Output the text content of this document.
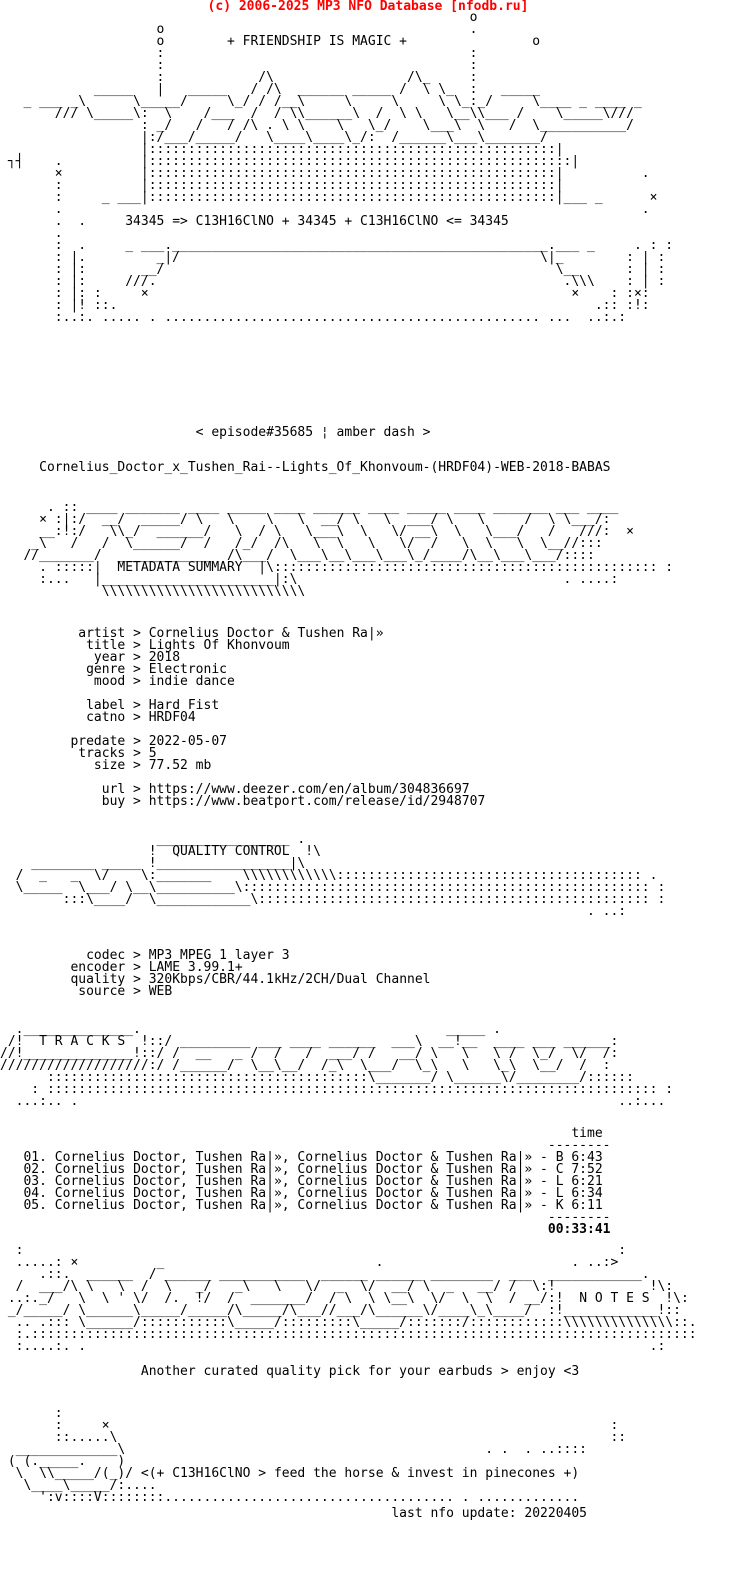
(c) 2006-2025 MP3 NFO Database [nfodb.ru]
o
o                                       .
o	+ FRIENDSHIP IS MAGIC +	o
:                                       :
:                                       :
:            /\                 /\_     :
_____   |   _____   / /\  ______ _____ /  \ \_  :   _____
_ ___ _\      \_____/     \_/ / /__\     \     \     \ \_:_/     \____ _ ____ _
/// \_____\:  \    /___  /  / \\______\  /  \ \   \__\\___ /    \_____\///
: _/   /   / /\ . \ \    \   \_/    \___\  \   /  \___________/
|:/___/_____/   \____\____\_/:  /______\___\_______/
|::::::::::::::::::::::::::::::::::::::::::::::::::::|
┐┤    .          |::::::::::::::::::::::::::::::::::::::::::::::::::::::|
×          |::::::::::::::::::::::::::::::::::::::::::::::::::::|          .
:          |::::::::::::::::::::::::::::::::::::::::::::::::::::|
:     _ ___|::::::::::::::::::::::::::::::::::::::::::::::::::::|___ _      ×
.                                                                          .
.  .	34345 => C13H16ClNO + 34345 + C13H16ClNO <= 34345
.
:  .     _ ___.________________________________________________.___ _     . : :
: |.         _|/                                              \|_        : | :
: |:       __/                                                  \__      : | :
: |:     ///.                                                    .\\\    : | :
: |: :     ×                                                      ×    : :×:
: |! ::.                                                             .:: :!:
:..:. ..... . ................................................ ...  ..:.:
< episode#35685 ¦ amber dash >
Cornelius_Doctor_x_Tushen_Rai--Lights_Of_Khonvoum-(HRDF04)-WEB-2018-BABAS
. :: ____ _______ ____ _____ ____ ______ ____ _____ ____ _______ ___ ____
× :|:/  __/  _____/ \   \    \   \  __/ \   \  ___/ \   \     /  \ \___/:
__:!:/   \\_/  ______/   \  / \   \___\  \   \/ __\  \   \___/   /   ///:  ×
_\   /   /  \______/  /   /_/  /\   \  \   \   \/  /   \  \   \  \__//:::
//_______/  ____________  /\___/  \___\__\___\___\_/____/\__\___\___/::::
. :::::|  METADATA SUMMARY  |\::::::::::::::::::::::::::::::::::::::::::::::::: :
:...   |______________________|:\                                  . ....:
\\\\\\\\\\\\\\\\\\\\\\\\\\
artist > Cornelius Doctor & Tushen Ra|»
title > Lights Of Khonvoum
year > 2018
genre > Electronic
mood > indie dance

label > Hard Fist
catno > HRDF04

predate > 2022-05-07
tracks > 5
size > 77.52 mb

url > https://www.deezer.com/en/album/304836697
buy > https://www.beatport.com/release/id/2948707
_________________ .
!  QUALITY CONTROL  !\
________ _____ !_________________|\
/  _   _  \/    \:_______    \\\\\\\\\\\\::::::::::::::::::::::::::::::::::::::: .
\_____  \___/ \__\__________\:::::::::::::::::::::::::::::::::::::::::::::::::::: :
:::\____/  \____________\:::::::::::::::::::::::::::::::::::::::::::::::::: :
. ..:
codec > MP3 MPEG 1 layer 3
encoder > LAME 3.99.1+
quality > 320Kbps/CBR/44.1kHz/2CH/Dual Channel
source > WEB
.______________.                                       _____ .
/!  T R A C K S  !::/ _________ ___ ____ ______  ___\  __!__  ____ ___ ______:
//!______________!::/ /  __   _ /  /   /  ___/ /   __/ \   \   \ /  \_/  \/  /:
///////////////////:/ /______/  \__\__/  /_\  \___/  \_\   \   \_\  \__/  /  :
:::::::::::::::::::::::::::::::::::::::::\_______/ \______\/________/::::::
: :::::::::::::::::::::::::::::::::::::::::::::::::::::::::::::::::::::::::::::: :
...:.. .                                                                     ..:...
time
--------
01. Cornelius Doctor, Tushen Ra|», Cornelius Doctor & Tushen Ra|» - B 6:43
02. Cornelius Doctor, Tushen Ra|», Cornelius Doctor & Tushen Ra|» - C 7:52
03. Cornelius Doctor, Tushen Ra|», Cornelius Doctor & Tushen Ra|» - L 6:21
04. Cornelius Doctor, Tushen Ra|», Cornelius Doctor & Tushen Ra|» - L 6:34
05. Cornelius Doctor, Tushen Ra|», Cornelius Doctor & Tushen Ra|» - K 6:11
--------
00:33:41
:                                                                            :
.....: ×          _                           .                        . ..:>
.::.  ______  / ______ ___________  ______ ______ ________  ___  ____________.
/  ___/\ \   \  /  \   _/   _\   \   \/  _  \/  __/ \  _   __/ /  \:!            !\:
..:._/   \  \ ' \/  /.  !/  /  _______/  / \  \ \__\  \/  \  \  / __/:!  N O T E S  !\:
_/_____/ \______\_____/_____/\_____/\___//___/\______\/____\_\____/  :!____________!::
.. .::: \______/:::::::::::\_____/:::::::::\_____/:::::::/::::::::::::\\\\\\\\\\\\\\::.
:.:::::::::::::::::::::::::::::::::::::::::::::::::::::::::::::::::::::::::::::::::::::
:....:. .                                                                        .:
Another curated quality pick for your earbuds > enjoy <3
:
:     ×                                                                :
::.....\                                                               ::
_____________\                                              . .  . ..::::
( (._____.    )
\  \\_____/(_)/ <(+ C13H16ClNO > feed the horse & invest in pinecones +)
\____\_____/:....
':v::::V::::::::..................................... . .............
last nfo update: 20220405
